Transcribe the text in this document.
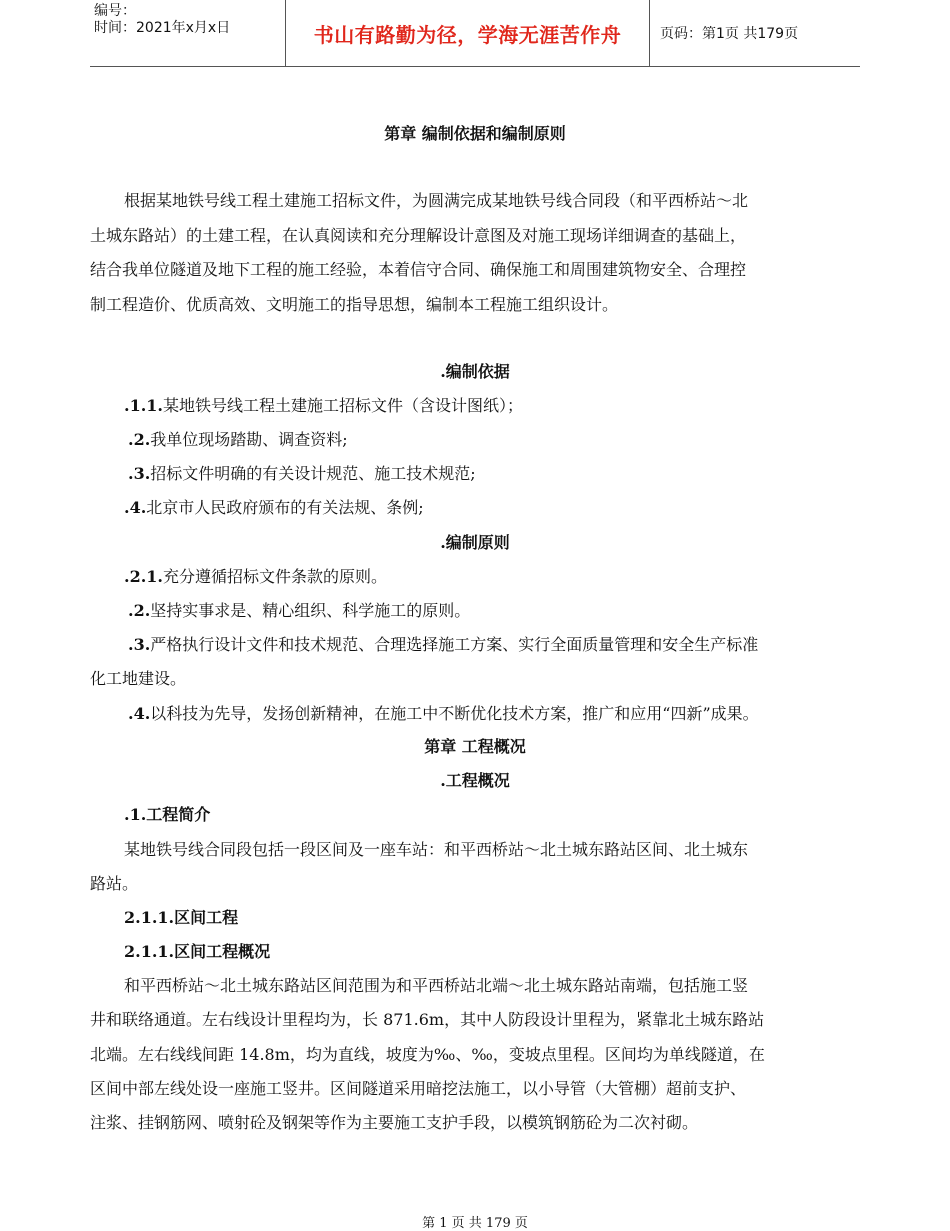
编号：
时间：2021年x月x日	书山有路勤为径，学海无涯苦作舟	页码：第1页 共179页
第章 编制依据和编制原则
根据某地铁号线工程土建施工招标文件，为圆满完成某地铁号线合同段（和平西桥站～北
土城东路站）的土建工程，在认真阅读和充分理解设计意图及对施工现场详细调查的基础上，
结合我单位隧道及地下工程的施工经验，本着信守合同、确保施工和周围建筑物安全、合理控
制工程造价、优质高效、文明施工的指导思想，编制本工程施工组织设计。
.编制依据
.1.1.某地铁号线工程土建施工招标文件（含设计图纸）；
.2.我单位现场踏勘、调查资料;
.3.招标文件明确的有关设计规范、施工技术规范;
.4.北京市人民政府颁布的有关法规、条例;
.编制原则
.2.1.充分遵循招标文件条款的原则。
.2.坚持实事求是、精心组织、科学施工的原则。
.3.严格执行设计文件和技术规范、合理选择施工方案、实行全面质量管理和安全生产标准
化工地建设。
.4.以科技为先导，发扬创新精神，在施工中不断优化技术方案，推广和应用“四新”成果。
第章 工程概况
.工程概况
.1.工程简介
某地铁号线合同段包括一段区间及一座车站：和平西桥站～北土城东路站区间、北土城东
路站。
2.1.1.区间工程
2.1.1.区间工程概况
和平西桥站～北土城东路站区间范围为和平西桥站北端～北土城东路站南端，包括施工竖
井和联络通道。左右线设计里程均为，长 871.6m，其中人防段设计里程为，紧靠北土城东路站
北端。左右线线间距 14.8m，均为直线，坡度为‰、‰，变坡点里程。区间均为单线隧道，在
区间中部左线处设一座施工竖井。区间隧道采用暗挖法施工，以小导管（大管棚）超前支护、
注浆、挂钢筋网、喷射砼及钢架等作为主要施工支护手段，以模筑钢筋砼为二次衬砌。
第 1 页 共 179 页
